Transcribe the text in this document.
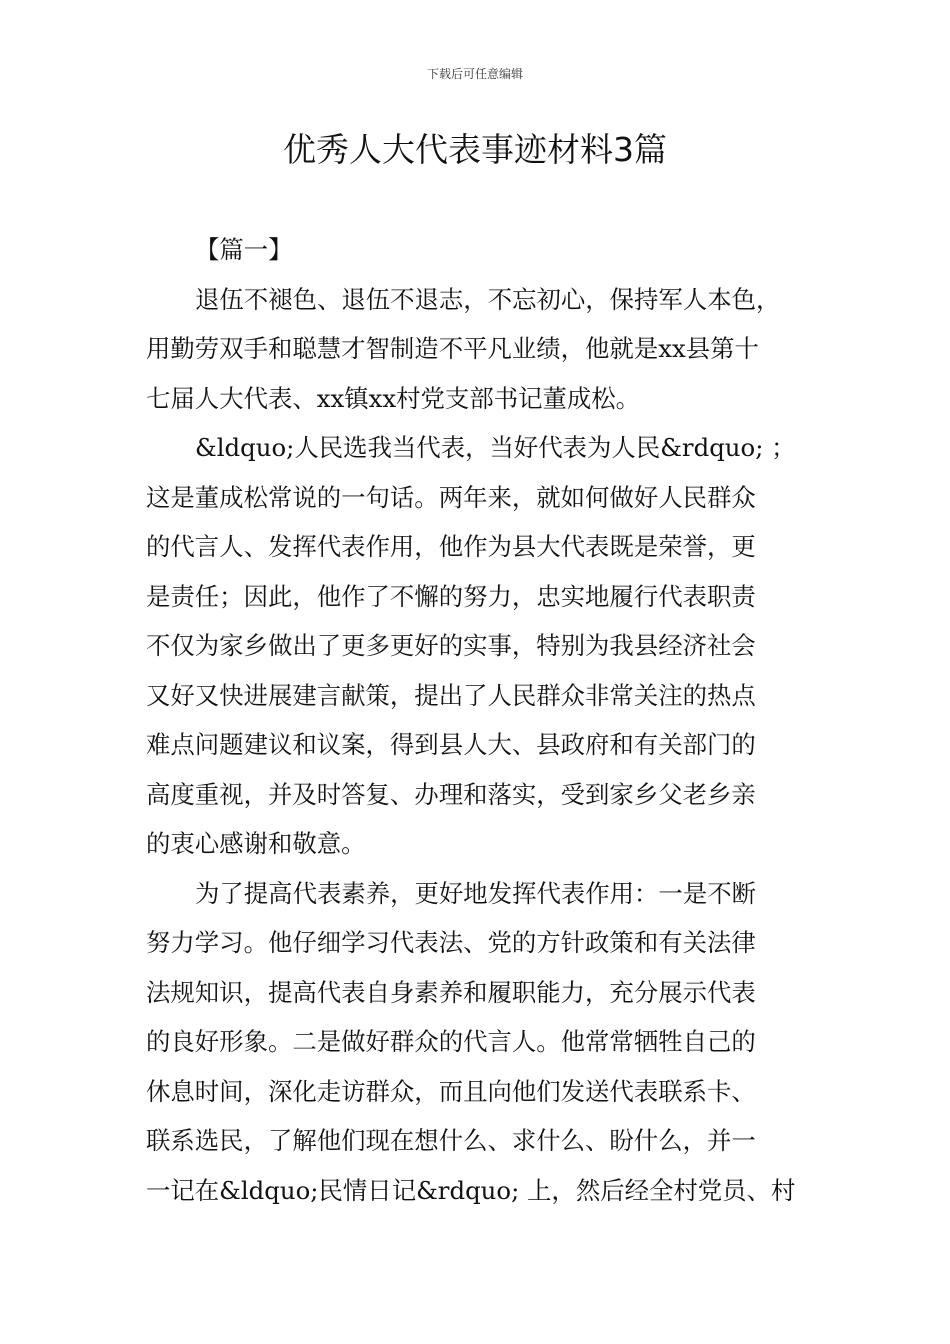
下载后可任意编辑
优秀人大代表事迹材料3篇
【篇一】
退伍不褪色、退伍不退志，不忘初心，保持军人本色，
用勤劳双手和聪慧才智制造不平凡业绩，他就是xx县第十
七届人大代表、xx镇xx村党支部书记董成松。
&ldquo;人民选我当代表，当好代表为人民&rdquo; ；
这是董成松常说的一句话。两年来，就如何做好人民群众
的代言人、发挥代表作用，他作为县大代表既是荣誉，更
是责任；因此，他作了不懈的努力，忠实地履行代表职责
不仅为家乡做出了更多更好的实事，特别为我县经济社会
又好又快进展建言献策，提出了人民群众非常关注的热点
难点问题建议和议案，得到县人大、县政府和有关部门的
高度重视，并及时答复、办理和落实，受到家乡父老乡亲
的衷心感谢和敬意。
为了提高代表素养，更好地发挥代表作用：一是不断
努力学习。他仔细学习代表法、党的方针政策和有关法律
法规知识，提高代表自身素养和履职能力，充分展示代表
的良好形象。二是做好群众的代言人。他常常牺牲自己的
休息时间，深化走访群众，而且向他们发送代表联系卡、
联系选民，了解他们现在想什么、求什么、盼什么，并一
一记在&ldquo;民情日记&rdquo; 上，然后经全村党员、村
